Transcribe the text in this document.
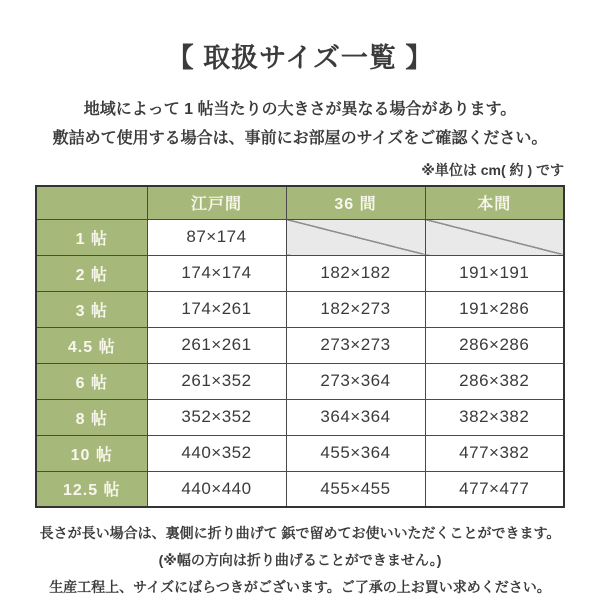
【 取扱サイズ一覧 】
地域によって 1 帖当たりの大きさが異なる場合があります。
敷詰めて使用する場合は、事前にお部屋のサイズをご確認ください。
※単位は cm( 約 ) です
	江戸間	36 間	本間
1 帖	87×174		
2 帖	174×174	182×182	191×191
3 帖	174×261	182×273	191×286
4.5 帖	261×261	273×273	286×286
6 帖	261×352	273×364	286×382
8 帖	352×352	364×364	382×382
10 帖	440×352	455×364	477×382
12.5 帖	440×440	455×455	477×477
長さが長い場合は、裏側に折り曲げて 鋲で留めてお使いいただくことができます。
(※幅の方向は折り曲げることができません。)
生産工程上、サイズにばらつきがございます。ご了承の上お買い求めください。
